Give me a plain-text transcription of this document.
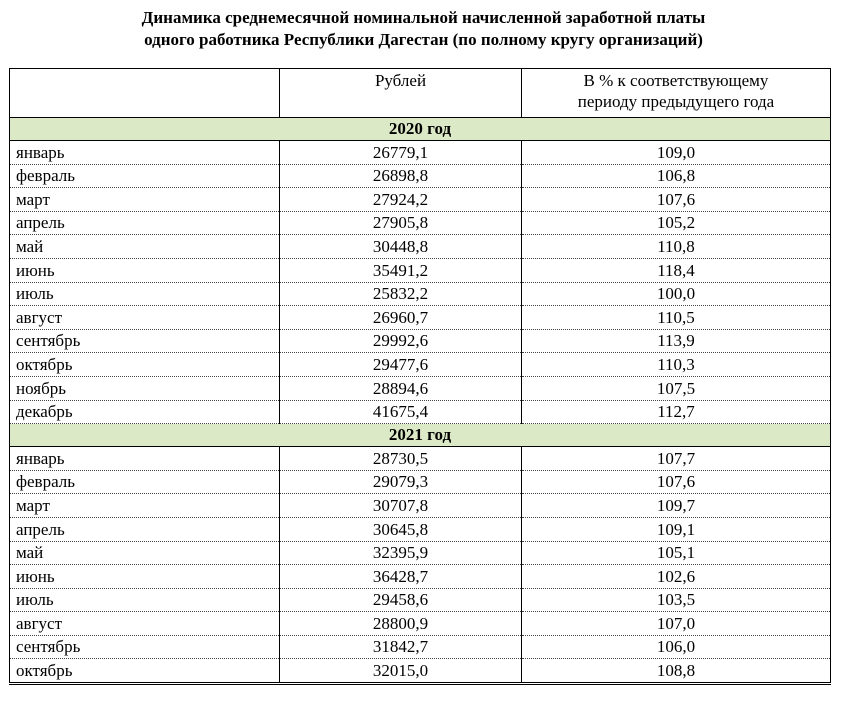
Динамика среднемесячной номинальной начисленной заработной платы
одного работника Республики Дагестан (по полному кругу организаций)
	Рублей	В % к соответствующему
периоду предыдущего года

2020 год		
январь	26779,1	109,0
февраль	26898,8	106,8
март	27924,2	107,6
апрель	27905,8	105,2
май	30448,8	110,8
июнь	35491,2	118,4
июль	25832,2	100,0
август	26960,7	110,5
сентябрь	29992,6	113,9
октябрь	29477,6	110,3
ноябрь	28894,6	107,5
декабрь	41675,4	112,7
2021 год		
январь	28730,5	107,7
февраль	29079,3	107,6
март	30707,8	109,7
апрель	30645,8	109,1
май	32395,9	105,1
июнь	36428,7	102,6
июль	29458,6	103,5
август	28800,9	107,0
сентябрь	31842,7	106,0
октябрь	32015,0	108,8
